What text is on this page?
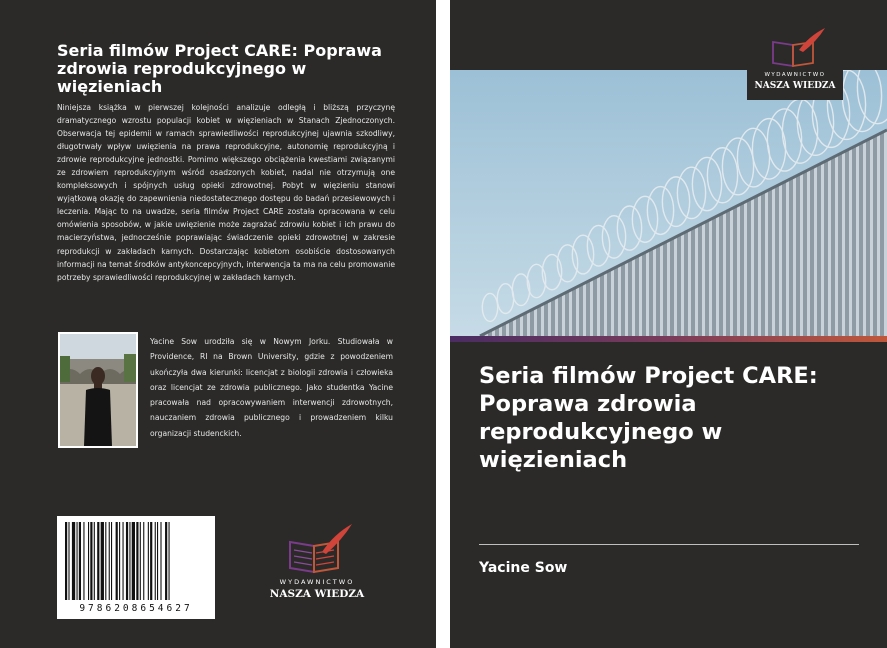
Seria filmów Project CARE: Poprawa zdrowia reprodukcyjnego w więzieniach

Niniejsza książka w pierwszej kolejności analizuje odległą i bliższą przyczynę dramatycznego wzrostu populacji kobiet w więzieniach w Stanach Zjednoczonych. Obserwacja tej epidemii w ramach sprawiedliwości reprodukcyjnej ujawnia szkodliwy, długotrwały wpływ uwięzienia na prawa reprodukcyjne, autonomię reprodukcyjną i zdrowie reprodukcyjne jednostki. Pomimo większego obciążenia kwestiami związanymi ze zdrowiem reprodukcyjnym wśród osadzonych kobiet, nadal nie otrzymują one kompleksowych i spójnych usług opieki zdrowotnej. Pobyt w więzieniu stanowi wyjątkową okazję do zapewnienia niedostatecznego dostępu do badań przesiewowych i leczenia. Mając to na uwadze, seria filmów Project CARE została opracowana w celu omówienia sposobów, w jakie uwięzienie może zagrażać zdrowiu kobiet i ich prawu do macierzyństwa, jednocześnie poprawiając świadczenie opieki zdrowotnej w zakresie reprodukcji w zakładach karnych. Dostarczając kobietom osobiście dostosowanych informacji na temat środków antykoncepcyjnych, interwencja ta ma na celu promowanie potrzeby sprawiedliwości reprodukcyjnej w zakładach karnych.

Yacine Sow urodziła się w Nowym Jorku. Studiowała w Providence, RI na Brown University, gdzie z powodzeniem ukończyła dwa kierunki: licencjat z biologii zdrowia i człowieka oraz licencjat ze zdrowia publicznego. Jako studentka Yacine pracowała nad opracowywaniem interwencji zdrowotnych, nauczaniem zdrowia publicznego i prowadzeniem kilku organizacji studenckich.

9786208654627
WYDAWNICTWO
NASZA WIEDZA
WYDAWNICTWO
NASZA WIEDZA
Seria filmów Project CARE: Poprawa zdrowia reprodukcyjnego w więzieniach
Yacine Sow
